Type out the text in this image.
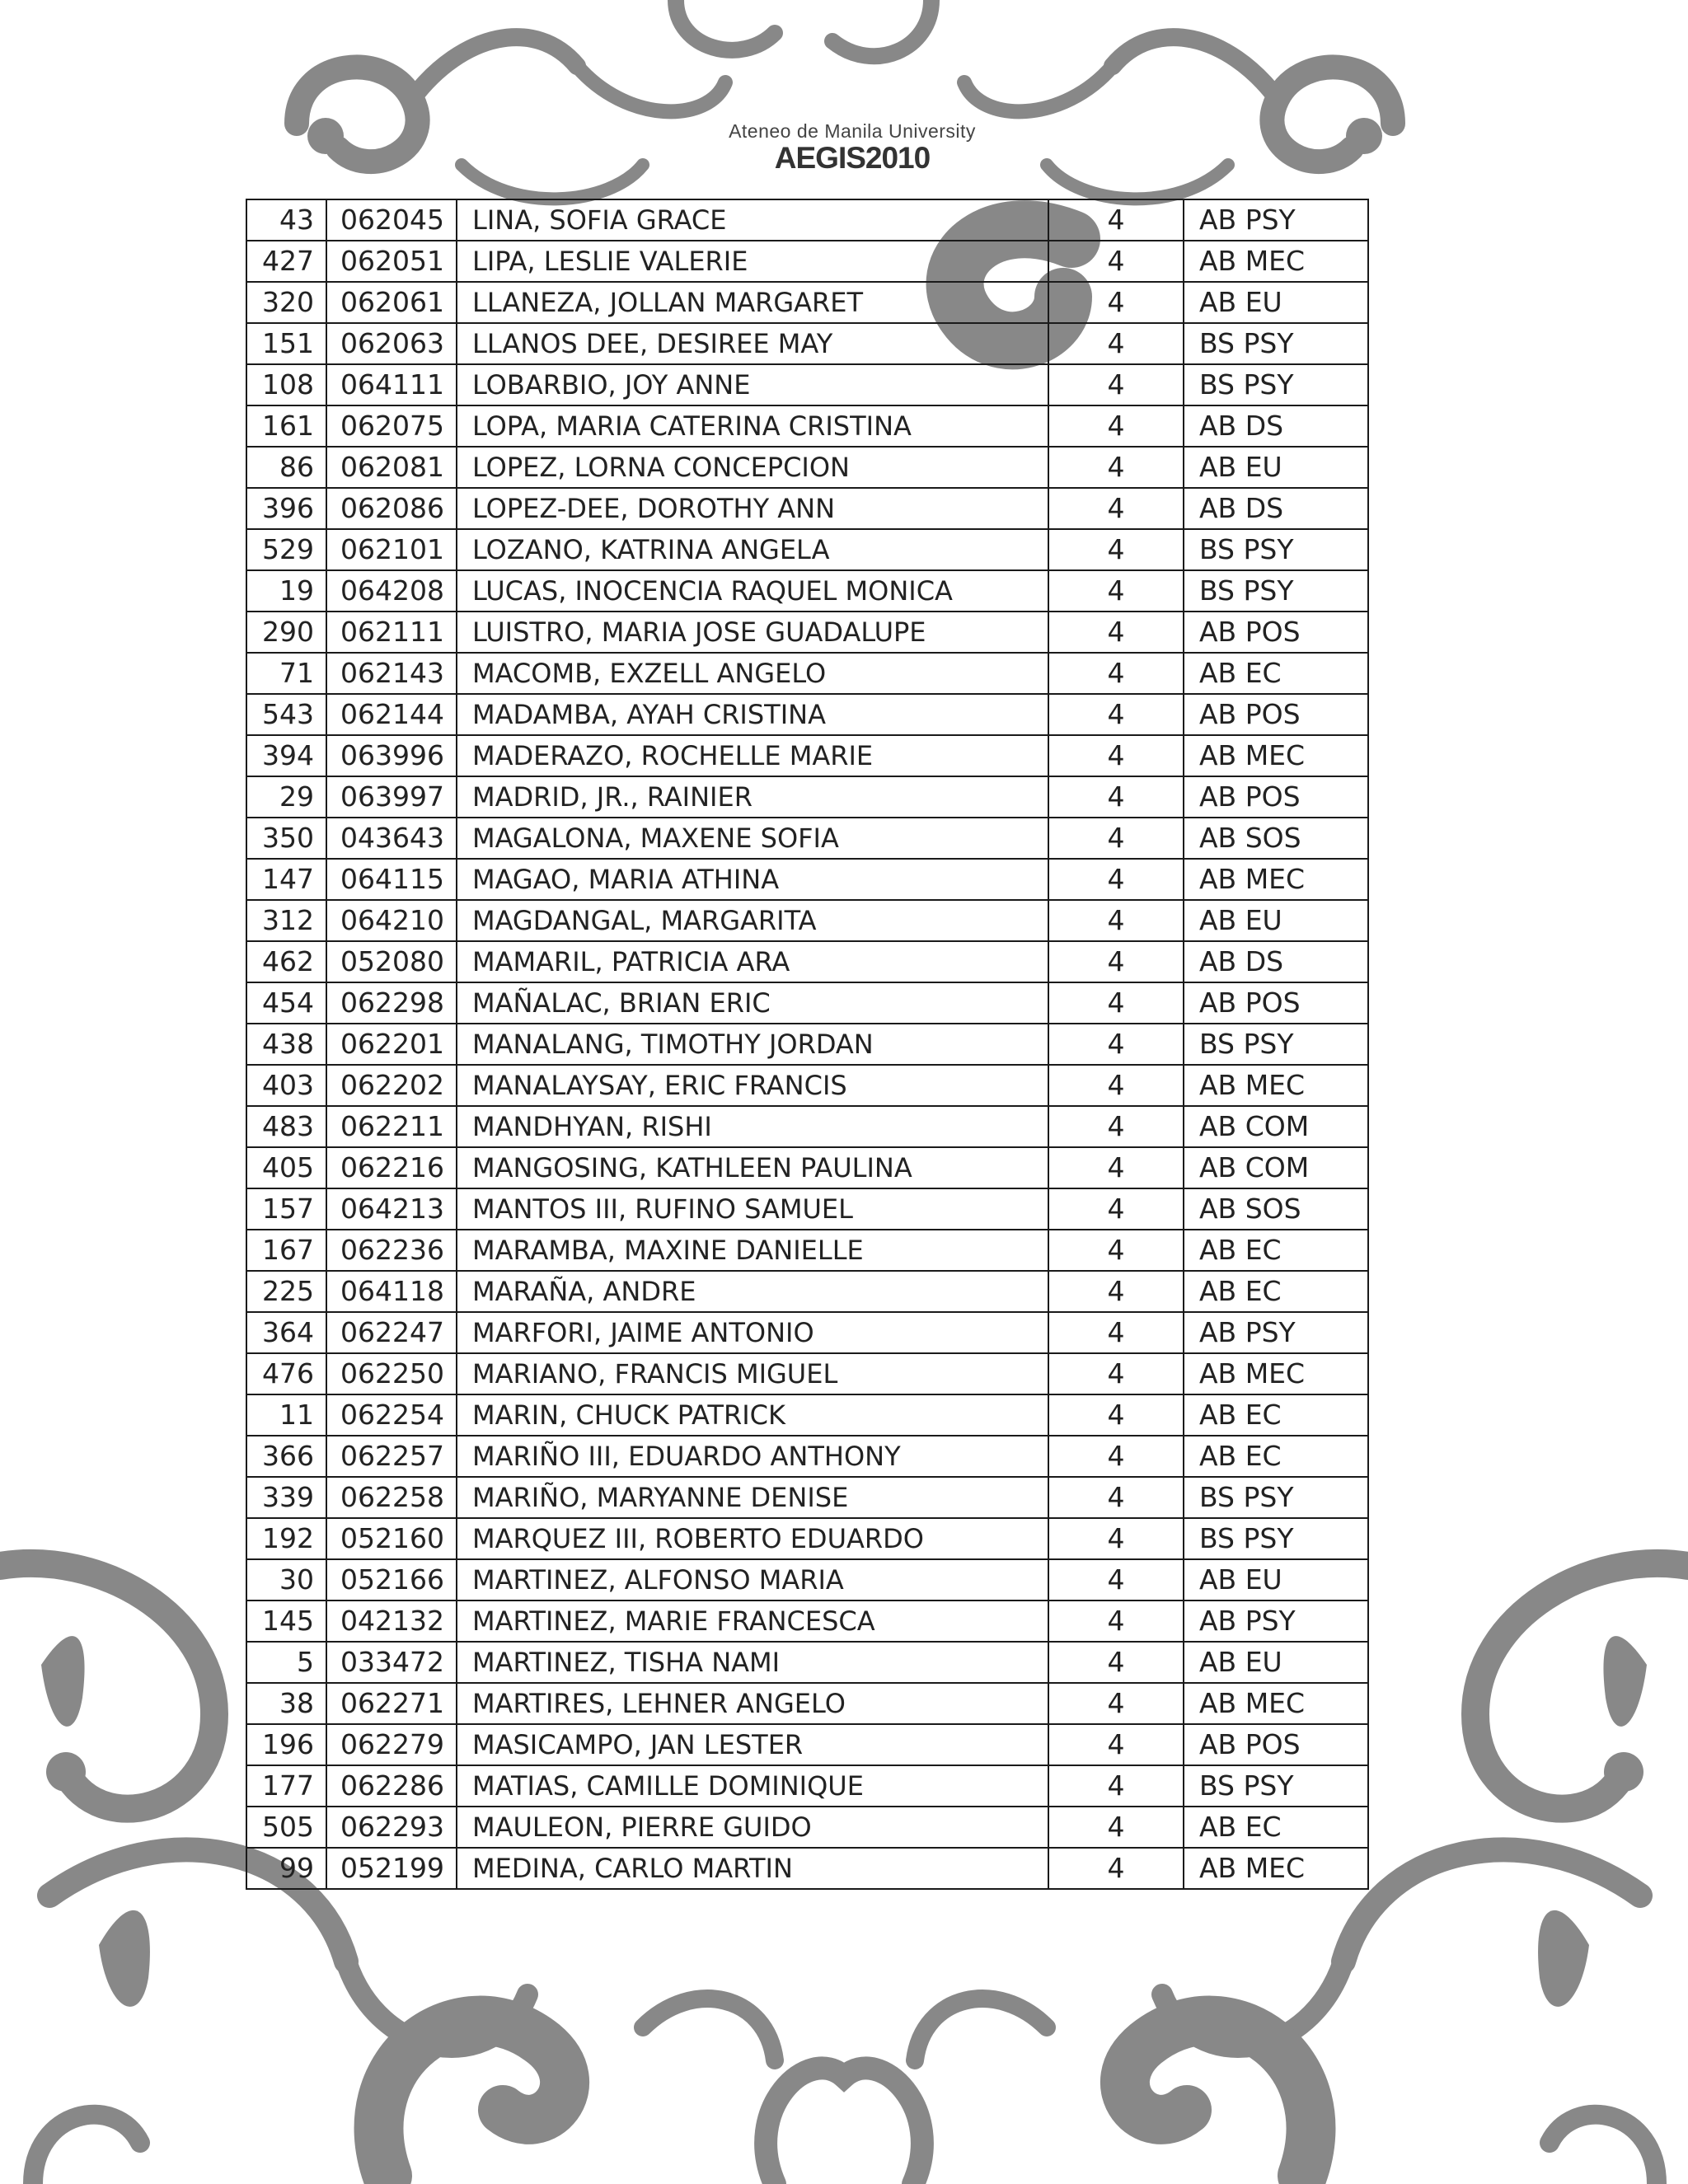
Ateneo de Manila University
AEGIS2010
43	062045	LINA, SOFIA GRACE	4	AB PSY
427	062051	LIPA, LESLIE VALERIE	4	AB MEC
320	062061	LLANEZA, JOLLAN MARGARET	4	AB EU
151	062063	LLANOS DEE, DESIREE MAY	4	BS PSY
108	064111	LOBARBIO, JOY ANNE	4	BS PSY
161	062075	LOPA, MARIA CATERINA CRISTINA	4	AB DS
86	062081	LOPEZ, LORNA CONCEPCION	4	AB EU
396	062086	LOPEZ-DEE, DOROTHY ANN	4	AB DS
529	062101	LOZANO, KATRINA ANGELA	4	BS PSY
19	064208	LUCAS, INOCENCIA RAQUEL MONICA	4	BS PSY
290	062111	LUISTRO, MARIA JOSE GUADALUPE	4	AB POS
71	062143	MACOMB, EXZELL ANGELO	4	AB EC
543	062144	MADAMBA, AYAH CRISTINA	4	AB POS
394	063996	MADERAZO, ROCHELLE MARIE	4	AB MEC
29	063997	MADRID, JR., RAINIER	4	AB POS
350	043643	MAGALONA, MAXENE SOFIA	4	AB SOS
147	064115	MAGAO, MARIA ATHINA	4	AB MEC
312	064210	MAGDANGAL, MARGARITA	4	AB EU
462	052080	MAMARIL, PATRICIA ARA	4	AB DS
454	062298	MAÑALAC, BRIAN ERIC	4	AB POS
438	062201	MANALANG, TIMOTHY JORDAN	4	BS PSY
403	062202	MANALAYSAY, ERIC FRANCIS	4	AB MEC
483	062211	MANDHYAN, RISHI	4	AB COM
405	062216	MANGOSING, KATHLEEN PAULINA	4	AB COM
157	064213	MANTOS III, RUFINO SAMUEL	4	AB SOS
167	062236	MARAMBA, MAXINE DANIELLE	4	AB EC
225	064118	MARAÑA, ANDRE	4	AB EC
364	062247	MARFORI, JAIME ANTONIO	4	AB PSY
476	062250	MARIANO, FRANCIS MIGUEL	4	AB MEC
11	062254	MARIN, CHUCK PATRICK	4	AB EC
366	062257	MARIÑO III, EDUARDO ANTHONY	4	AB EC
339	062258	MARIÑO, MARYANNE DENISE	4	BS PSY
192	052160	MARQUEZ III, ROBERTO EDUARDO	4	BS PSY
30	052166	MARTINEZ, ALFONSO MARIA	4	AB EU
145	042132	MARTINEZ, MARIE FRANCESCA	4	AB PSY
5	033472	MARTINEZ, TISHA NAMI	4	AB EU
38	062271	MARTIRES, LEHNER ANGELO	4	AB MEC
196	062279	MASICAMPO, JAN LESTER	4	AB POS
177	062286	MATIAS, CAMILLE DOMINIQUE	4	BS PSY
505	062293	MAULEON, PIERRE GUIDO	4	AB EC
99	052199	MEDINA, CARLO MARTIN	4	AB MEC
